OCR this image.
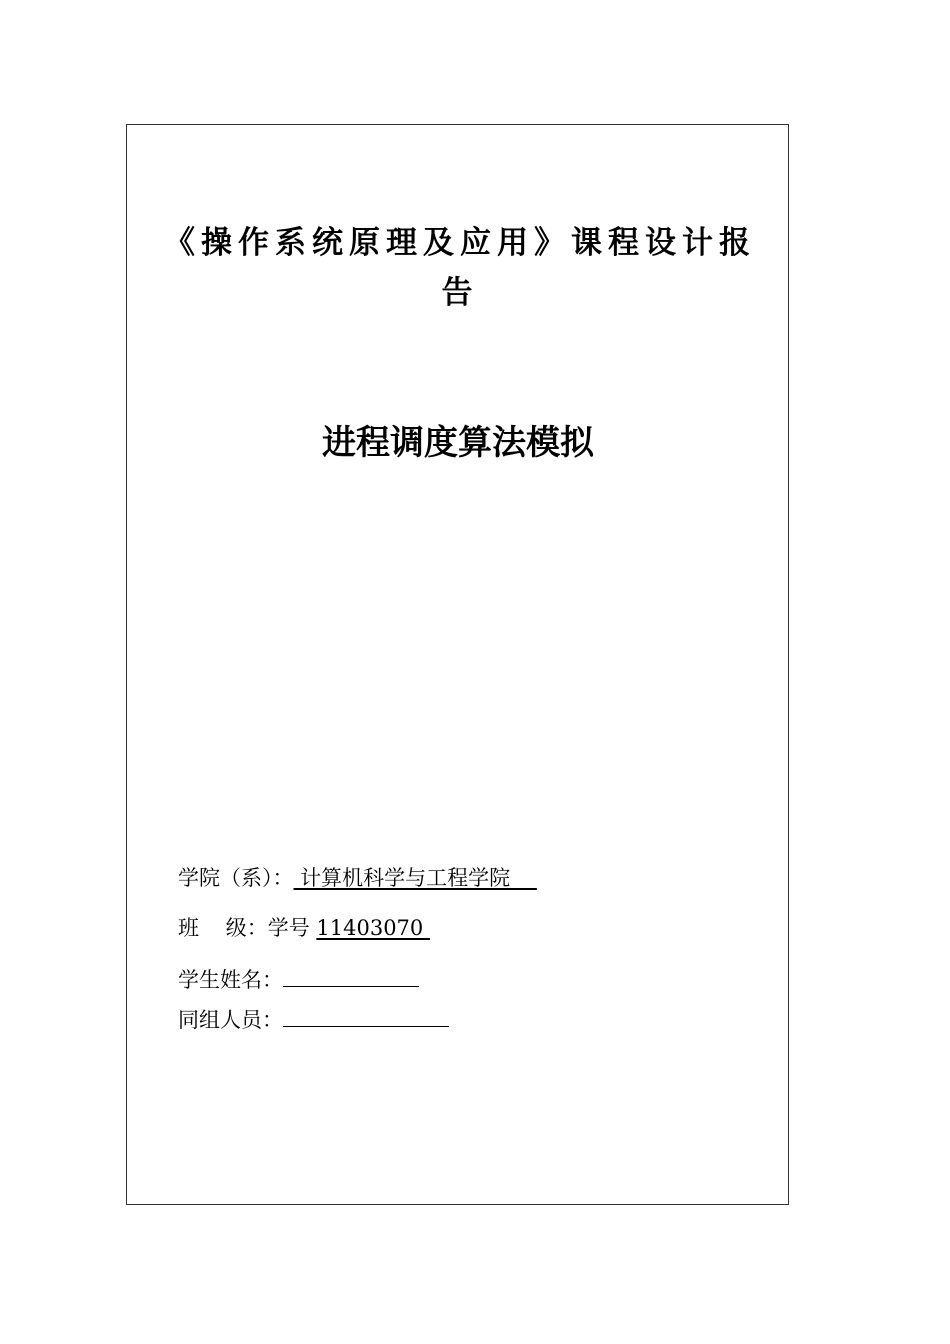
《操作系统原理及应用》课程设计报告
进程调度算法模拟
学院（系）： 计算机科学与工程学院
班    级：学号 11403070
学生姓名：
同组人员：
